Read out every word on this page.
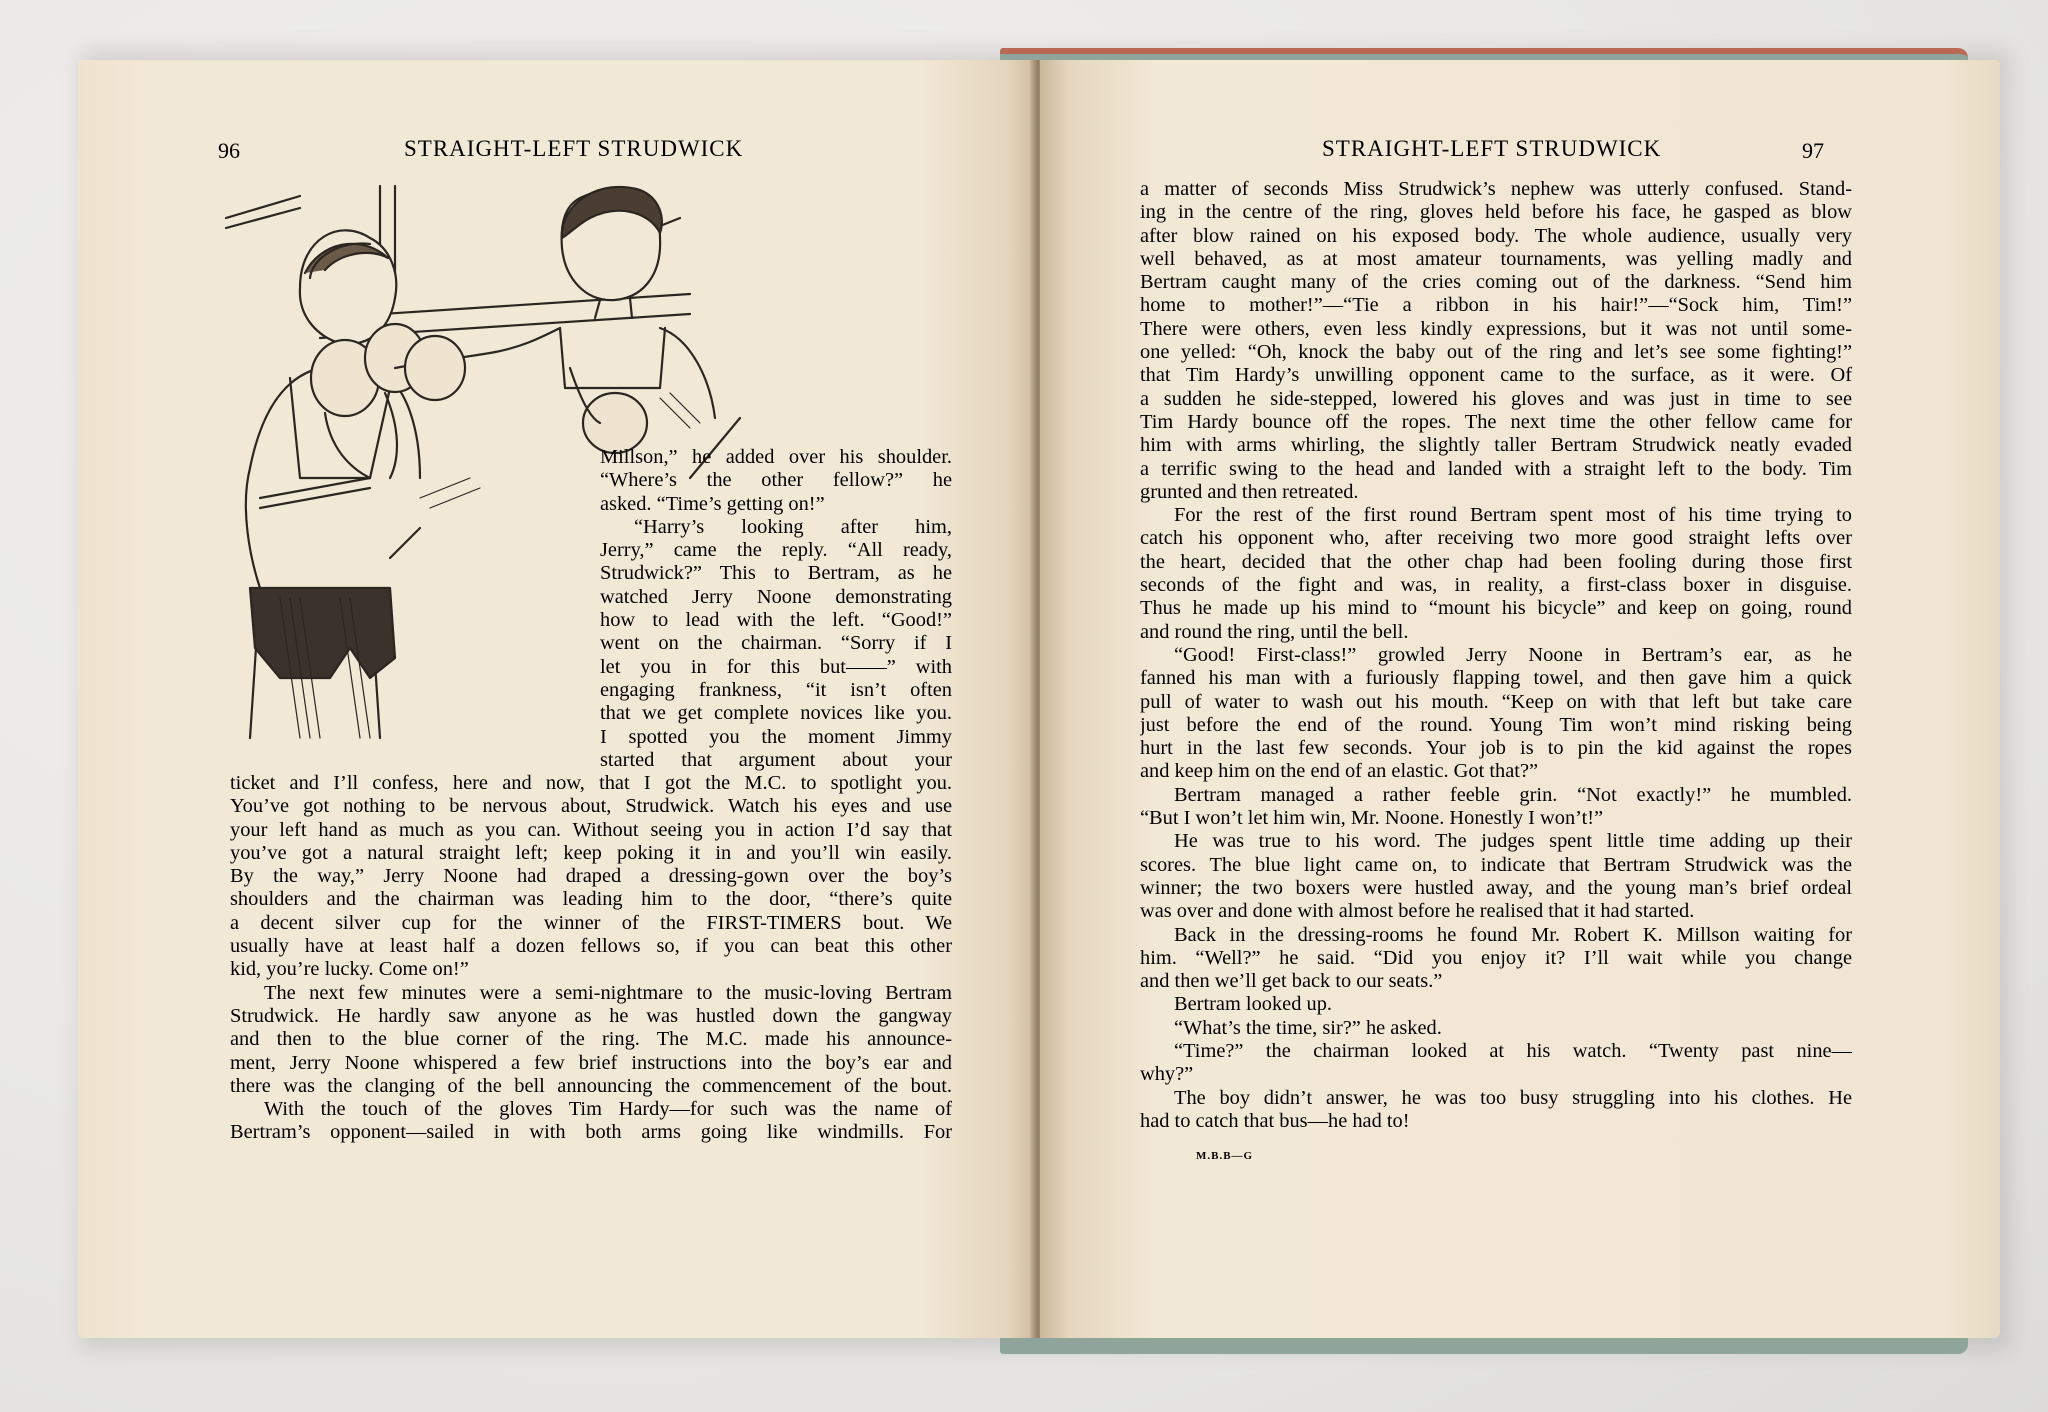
96	STRAIGHT-LEFT STRUDWICK
Millson,” he added over his shoulder.
“Where’s the other fellow?” he
asked. “Time’s getting on!”
“Harry’s looking after him,
Jerry,” came the reply. “All ready,
Strudwick?” This to Bertram, as he
watched Jerry Noone demonstrating
how to lead with the left. “Good!”
went on the chairman. “Sorry if I
let you in for this but——” with
engaging frankness, “it isn’t often
that we get complete novices like you.
I spotted you the moment Jimmy
started that argument about your
ticket and I’ll confess, here and now, that I got the M.C. to spotlight you.
You’ve got nothing to be nervous about, Strudwick. Watch his eyes and use
your left hand as much as you can. Without seeing you in action I’d say that
you’ve got a natural straight left; keep poking it in and you’ll win easily.
By the way,” Jerry Noone had draped a dressing-gown over the boy’s
shoulders and the chairman was leading him to the door, “there’s quite
a decent silver cup for the winner of the FIRST-TIMERS bout. We
usually have at least half a dozen fellows so, if you can beat this other
kid, you’re lucky. Come on!”
The next few minutes were a semi-nightmare to the music-loving Bertram
Strudwick. He hardly saw anyone as he was hustled down the gangway
and then to the blue corner of the ring. The M.C. made his announce-
ment, Jerry Noone whispered a few brief instructions into the boy’s ear and
there was the clanging of the bell announcing the commencement of the bout.
With the touch of the gloves Tim Hardy—for such was the name of
Bertram’s opponent—sailed in with both arms going like windmills. For
STRAIGHT-LEFT STRUDWICK	97
a matter of seconds Miss Strudwick’s nephew was utterly confused. Stand-
ing in the centre of the ring, gloves held before his face, he gasped as blow
after blow rained on his exposed body. The whole audience, usually very
well behaved, as at most amateur tournaments, was yelling madly and
Bertram caught many of the cries coming out of the darkness. “Send him
home to mother!”—“Tie a ribbon in his hair!”—“Sock him, Tim!”
There were others, even less kindly expressions, but it was not until some-
one yelled: “Oh, knock the baby out of the ring and let’s see some fighting!”
that Tim Hardy’s unwilling opponent came to the surface, as it were. Of
a sudden he side-stepped, lowered his gloves and was just in time to see
Tim Hardy bounce off the ropes. The next time the other fellow came for
him with arms whirling, the slightly taller Bertram Strudwick neatly evaded
a terrific swing to the head and landed with a straight left to the body. Tim
grunted and then retreated.
For the rest of the first round Bertram spent most of his time trying to
catch his opponent who, after receiving two more good straight lefts over
the heart, decided that the other chap had been fooling during those first
seconds of the fight and was, in reality, a first-class boxer in disguise.
Thus he made up his mind to “mount his bicycle” and keep on going, round
and round the ring, until the bell.
“Good! First-class!” growled Jerry Noone in Bertram’s ear, as he
fanned his man with a furiously flapping towel, and then gave him a quick
pull of water to wash out his mouth. “Keep on with that left but take care
just before the end of the round. Young Tim won’t mind risking being
hurt in the last few seconds. Your job is to pin the kid against the ropes
and keep him on the end of an elastic. Got that?”
Bertram managed a rather feeble grin. “Not exactly!” he mumbled.
“But I won’t let him win, Mr. Noone. Honestly I won’t!”
He was true to his word. The judges spent little time adding up their
scores. The blue light came on, to indicate that Bertram Strudwick was the
winner; the two boxers were hustled away, and the young man’s brief ordeal
was over and done with almost before he realised that it had started.
Back in the dressing-rooms he found Mr. Robert K. Millson waiting for
him. “Well?” he said. “Did you enjoy it? I’ll wait while you change
and then we’ll get back to our seats.”
Bertram looked up.
“What’s the time, sir?” he asked.
“Time?” the chairman looked at his watch. “Twenty past nine—
why?”
The boy didn’t answer, he was too busy struggling into his clothes. He
had to catch that bus—he had to!
M.B.B—G
